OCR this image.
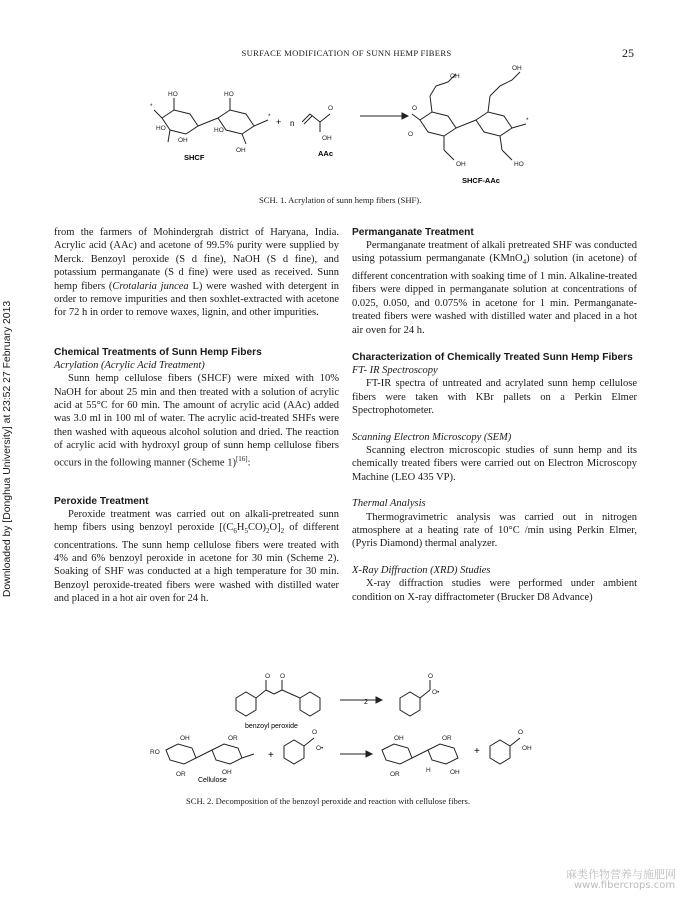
SURFACE MODIFICATION OF SUNN HEMP FIBERS	25
Downloaded by [Donghua University] at 23:52 27 February 2013
HO	HO
HO	HO
OH
OH
*
*
OH
O
OH
OH
O
O
OH	HO
*
SHCF
+ n
AAc
SHCF-AAc
SCH. 1. Acrylation of sunn hemp fibers (SHF).

from the farmers of Mohindergrah district of Haryana, India. Acrylic acid (AAc) and acetone of 99.5% purity were supplied by Merck. Benzoyl peroxide (S d fine), NaOH (S d fine), and potassium permanganate (S d fine) were used as received. Sunn hemp fibers (Crotalaria juncea L) were washed with detergent in order to remove impurities and then soxhlet-extracted with acetone for 72 h in order to remove waxes, lignin, and other impurities.

Chemical Treatments of Sunn Hemp Fibers

Acrylation (Acrylic Acid Treatment)

Sunn hemp cellulose fibers (SHCF) were mixed with 10% NaOH for about 25 min and then treated with a solution of acrylic acid at 55°C for 60 min. The amount of acrylic acid (AAc) added was 3.0 ml in 100 ml of water. The acrylic acid-treated SHFs were then washed with aqueous alcohol solution and dried. The reaction of acrylic acid with hydroxyl group of sunn hemp cellulose fibers occurs in the following manner (Scheme 1)[16]:

Peroxide Treatment

Peroxide treatment was carried out on alkali-pretreated sunn hemp fibers using benzoyl peroxide $[(C_6H_5CO)_2O]_2$ of different concentrations. The sunn hemp cellulose fibers were treated with 4% and 6% benzoyl peroxide in acetone for 30 min (Scheme 2). Soaking of SHF was conducted at a high temperature for 30 min. Benzoyl peroxide-treated fibers were washed with distilled water and placed in a hot air oven for 24 h.

Permanganate Treatment

Permanganate treatment of alkali pretreated SHF was conducted using potassium permanganate (KMnO$_4$) solution (in acetone) of different concentration with soaking time of 1 min. Alkaline-treated fibers were dipped in permanganate solution at concentrations of 0.025, 0.050, and 0.075% in acetone for 1 min. Permanganate-treated fibers were washed with distilled water and placed in a hot air oven for 24 h.

Characterization of Chemically Treated Sunn Hemp Fibers

FT- IR Spectroscopy

FT-IR spectra of untreated and acrylated sunn hemp cellulose fibers were taken with KBr pallets on a Perkin Elmer Spectrophotometer.

Scanning Electron Microscopy (SEM)

Scanning electron microscopic studies of sunn hemp and its chemically treated fibers were carried out on Electron Microscopy Machine (LEO 435 VP).

Thermal Analysis

Thermogravimetric analysis was carried out in nitrogen atmosphere at a heating rate of 10°C /min using Perkin Elmer, (Pyris Diamond) thermal analyzer.

X-Ray Diffraction (XRD) Studies

X-ray diffraction studies were performed under ambient condition on X-ray diffractometer (Brucker D8 Advance)

O O	O
O•
RO
OH	OR
OR	OH
O
O•
OH	OR
OR
H	OH
O
OH
2
benzoyl peroxide
+	+
Cellulose
SCH. 2. Decomposition of the benzoyl peroxide and reaction with cellulose fibers.
麻类作物营养与施肥网
www.fibercrops.com
